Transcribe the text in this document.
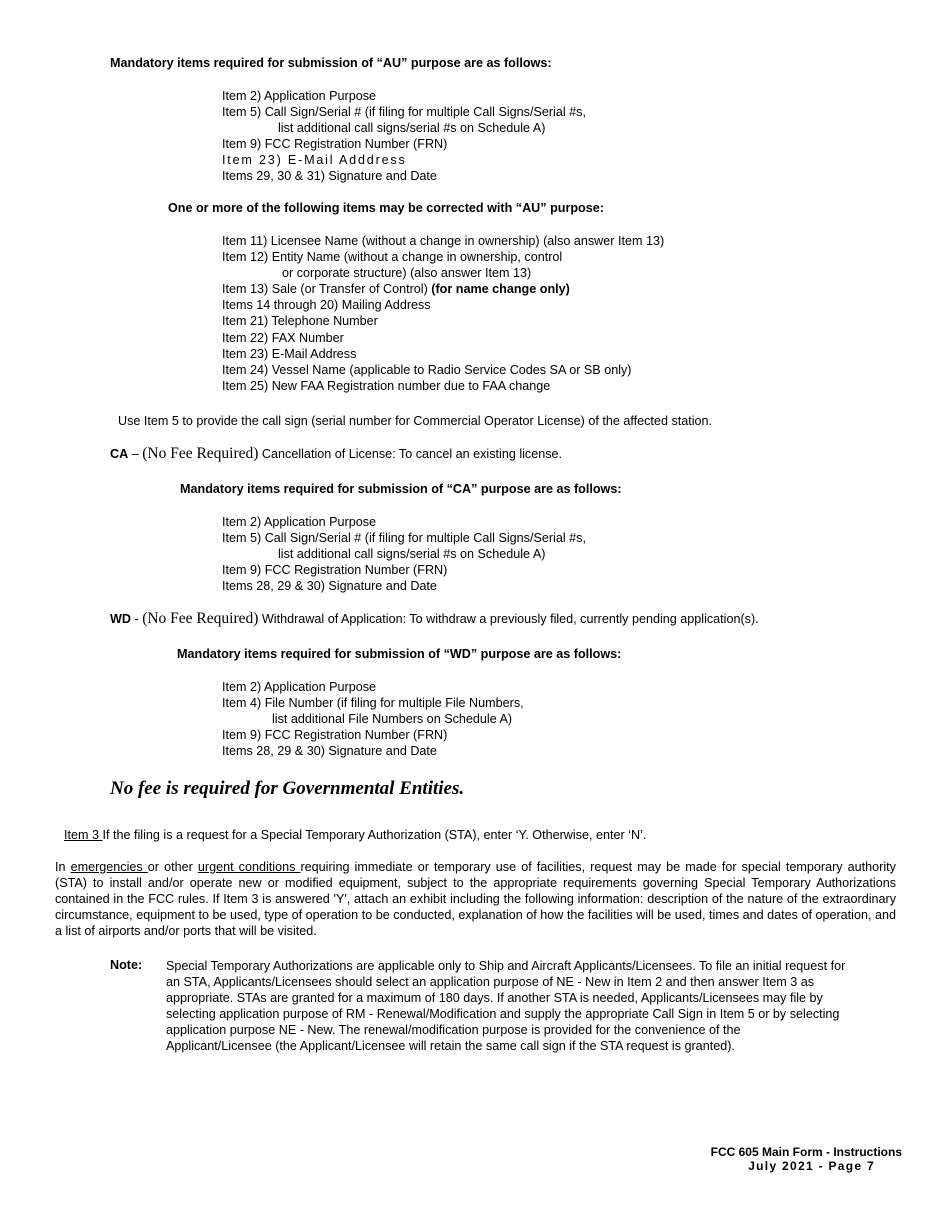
Mandatory items required for submission of “AU” purpose are as follows:
Item 2) Application Purpose
Item 5) Call Sign/Serial # (if filing for multiple Call Signs/Serial #s,
list additional call signs/serial #s on Schedule A)
Item 9) FCC Registration Number (FRN)
Item 23) E-Mail Adddress
Items 29, 30 & 31) Signature and Date
One or more of the following items may be corrected with “AU” purpose:
Item 11) Licensee Name (without a change in ownership) (also answer Item 13)
Item 12) Entity Name (without a change in ownership, control
or corporate structure) (also answer Item 13)
Item 13) Sale (or Transfer of Control) (for name change only)
Items 14 through 20) Mailing Address
Item 21) Telephone Number
Item 22) FAX Number
Item 23) E-Mail Address
Item 24) Vessel Name (applicable to Radio Service Codes SA or SB only)
Item 25) New FAA Registration number due to FAA change
Use Item 5 to provide the call sign (serial number for Commercial Operator License) of the affected station.
CA – (No Fee Required) Cancellation of License: To cancel an existing license.
Mandatory items required for submission of “CA” purpose are as follows:
Item 2) Application Purpose
Item 5) Call Sign/Serial # (if filing for multiple Call Signs/Serial #s,
list additional call signs/serial #s on Schedule A)
Item 9) FCC Registration Number (FRN)
Items 28, 29 & 30) Signature and Date
WD - (No Fee Required) Withdrawal of Application: To withdraw a previously filed, currently pending application(s).
Mandatory items required for submission of “WD” purpose are as follows:
Item 2) Application Purpose
Item 4) File Number (if filing for multiple File Numbers,
list additional File Numbers on Schedule A)
Item 9) FCC Registration Number (FRN)
Items 28, 29 & 30) Signature and Date
No fee is required for Governmental Entities.
Item 3 If the filing is a request for a Special Temporary Authorization (STA), enter ‘Y. Otherwise, enter ‘N’.
In emergencies or other urgent conditions requiring immediate or temporary use of facilities, request may be made for special temporary authority (STA) to install and/or operate new or modified equipment, subject to the appropriate requirements governing Special Temporary Authorizations contained in the FCC rules. If Item 3 is answered 'Y', attach an exhibit including the following information: description of the nature of the extraordinary circumstance, equipment to be used, type of operation to be conducted, explanation of how the facilities will be used, times and dates of operation, and a list of airports and/or ports that will be visited.
Note: Special Temporary Authorizations are applicable only to Ship and Aircraft Applicants/Licensees. To file an initial request for an STA, Applicants/Licensees should select an application purpose of NE - New in Item 2 and then answer Item 3 as appropriate. STAs are granted for a maximum of 180 days. If another STA is needed, Applicants/Licensees may file by selecting application purpose of RM - Renewal/Modification and supply the appropriate Call Sign in Item 5 or by selecting application purpose NE - New. The renewal/modification purpose is provided for the convenience of the Applicant/Licensee (the Applicant/Licensee will retain the same call sign if the STA request is granted).
FCC 605 Main Form - Instructions
July 2021 - Page 7
